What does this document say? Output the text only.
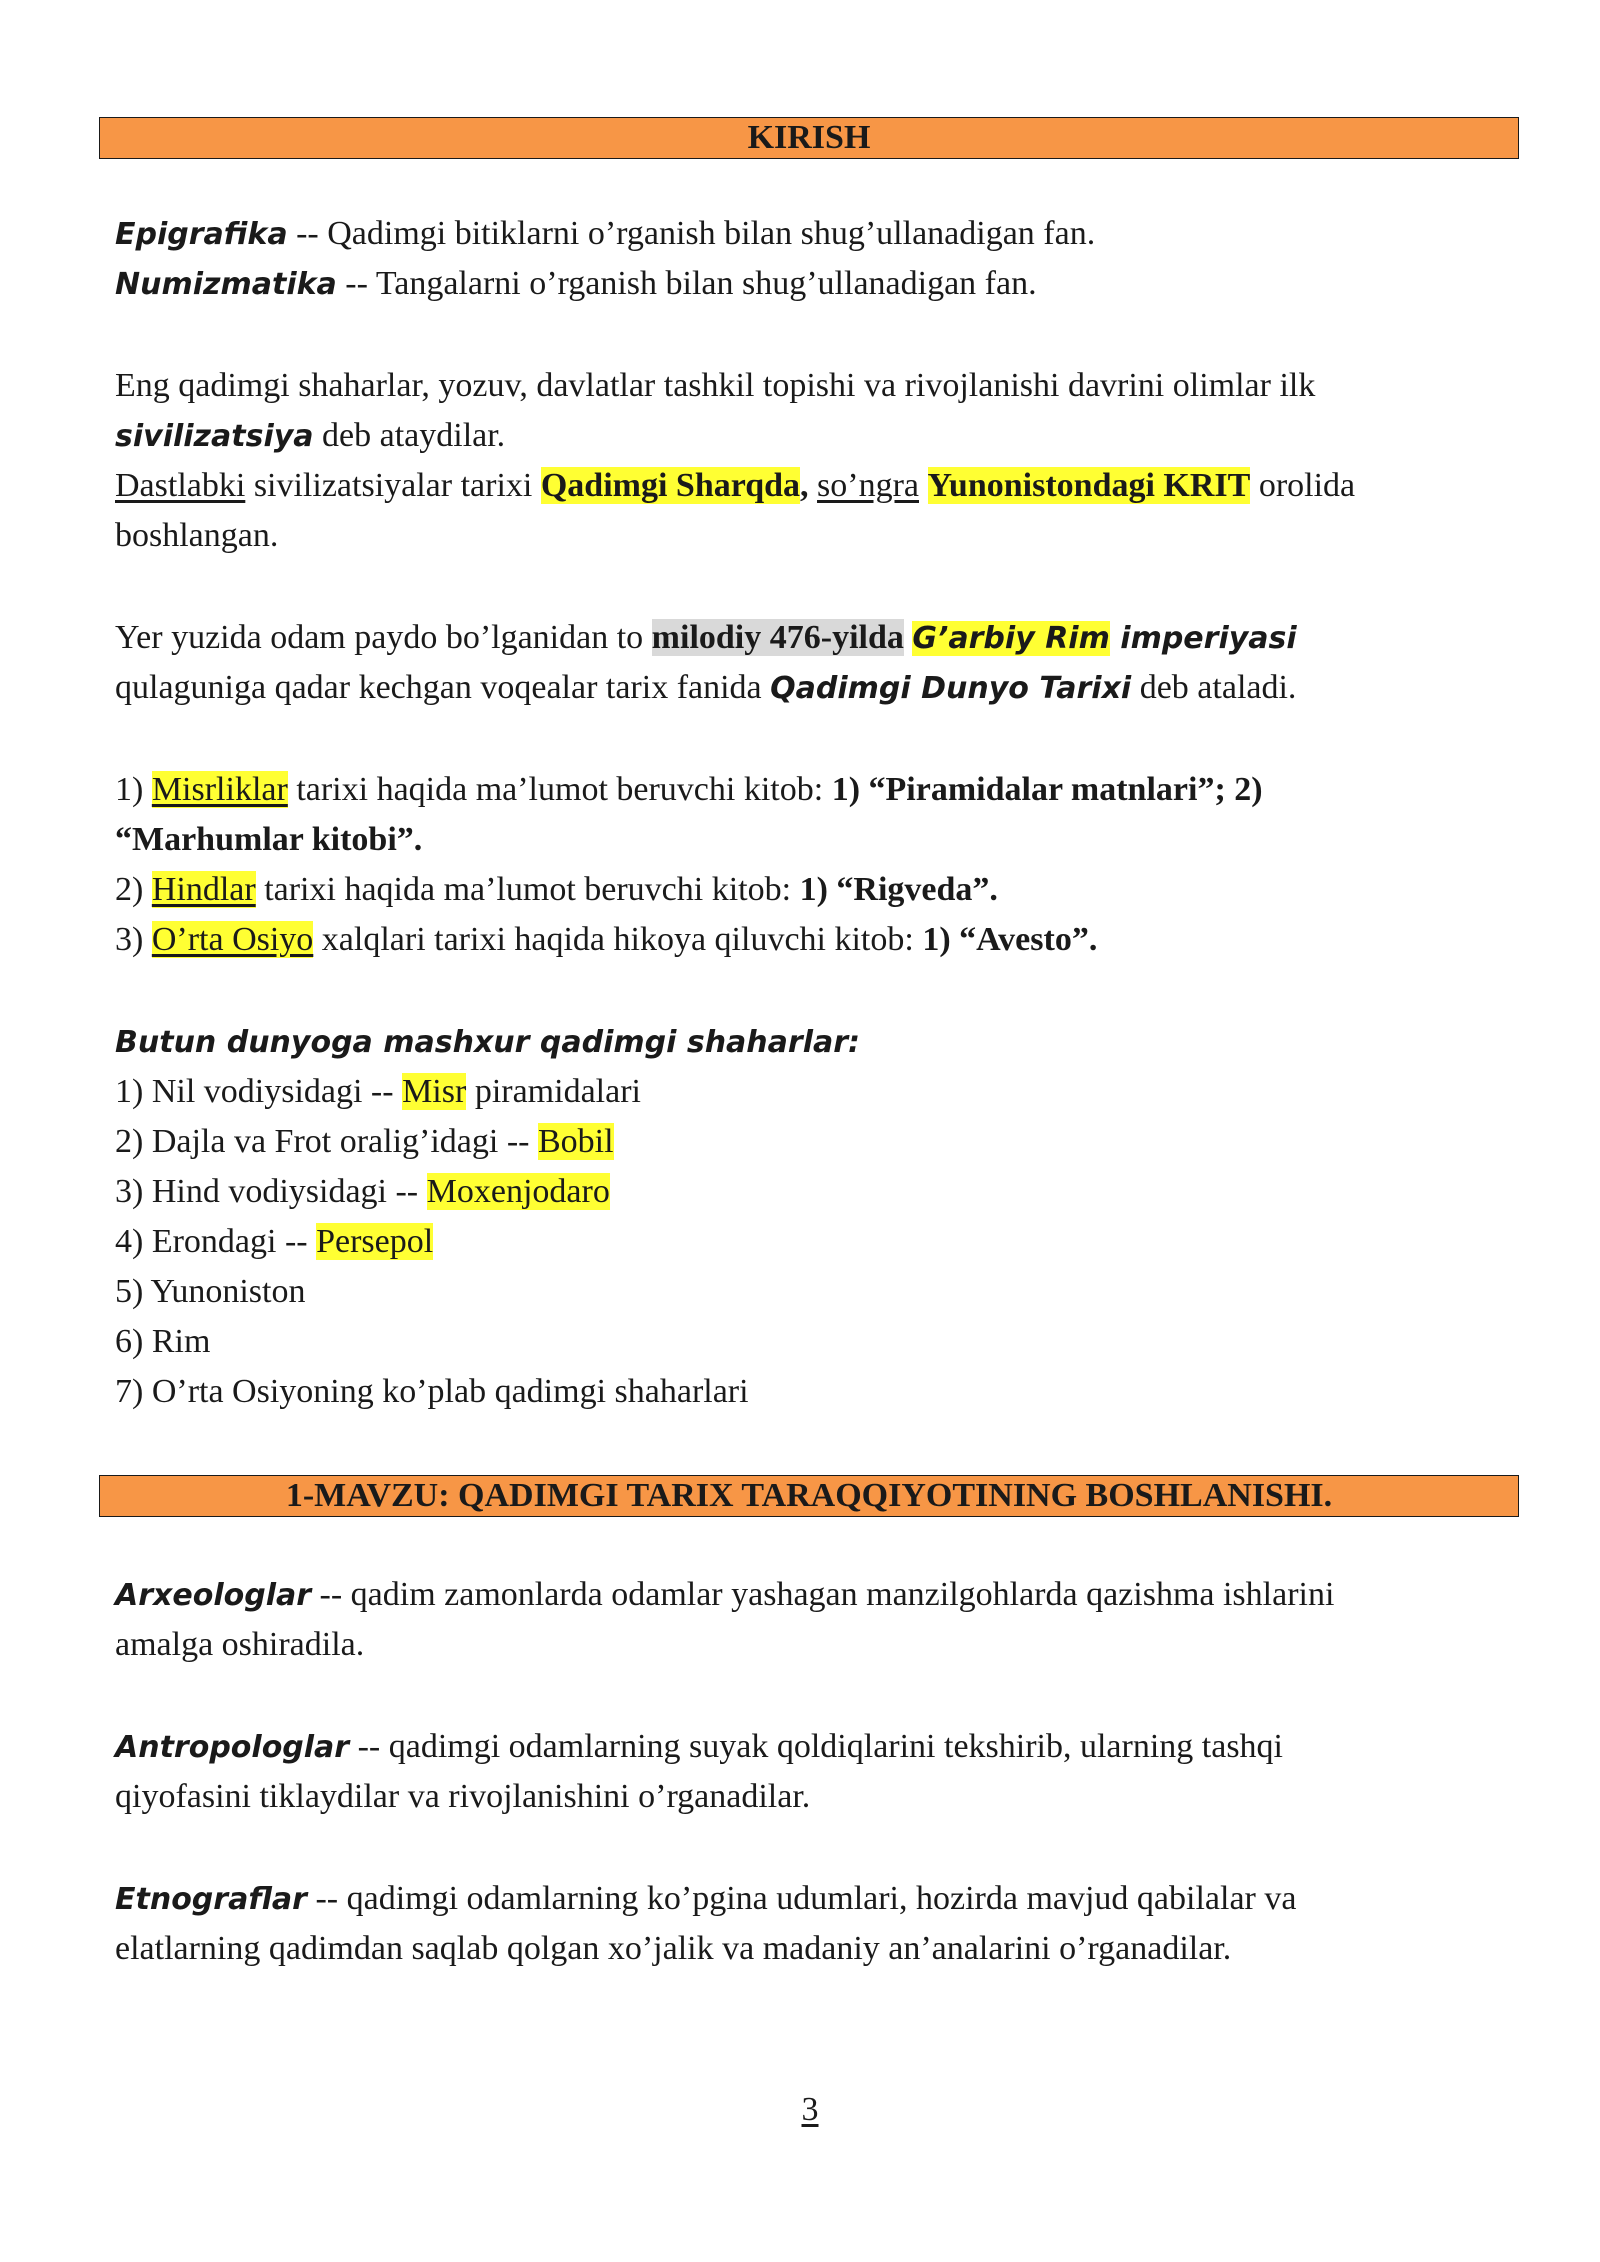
KIRISH
Epigrafika -- Qadimgi bitiklarni o’rganish bilan shug’ullanadigan fan.
Numizmatika -- Tangalarni o’rganish bilan shug’ullanadigan fan.
Eng qadimgi shaharlar, yozuv, davlatlar tashkil topishi va rivojlanishi davrini olimlar ilk
sivilizatsiya deb ataydilar.
Dastlabki sivilizatsiyalar tarixi Qadimgi Sharqda, so’ngra Yunonistondagi KRIT orolida
boshlangan.
Yer yuzida odam paydo bo’lganidan to milodiy 476-yilda G’arbiy Rim imperiyasi
qulaguniga qadar kechgan voqealar tarix fanida Qadimgi Dunyo Tarixi deb ataladi.
1) Misrliklar tarixi haqida ma’lumot beruvchi kitob: 1) “Piramidalar matnlari”; 2)
“Marhumlar kitobi”.
2) Hindlar tarixi haqida ma’lumot beruvchi kitob: 1) “Rigveda”.
3) O’rta Osiyo xalqlari tarixi haqida hikoya qiluvchi kitob: 1) “Avesto”.
Butun dunyoga mashxur qadimgi shaharlar:
1) Nil vodiysidagi -- Misr piramidalari
2) Dajla va Frot oralig’idagi -- Bobil
3) Hind vodiysidagi -- Moxenjodaro
4) Erondagi -- Persepol
5) Yunoniston
6) Rim
7) O’rta Osiyoning ko’plab qadimgi shaharlari
1-MAVZU: QADIMGI TARIX TARAQQIYOTINING BOSHLANISHI.
Arxeologlar -- qadim zamonlarda odamlar yashagan manzilgohlarda qazishma ishlarini
amalga oshiradila.
Antropologlar -- qadimgi odamlarning suyak qoldiqlarini tekshirib, ularning tashqi
qiyofasini tiklaydilar va rivojlanishini o’rganadilar.
Etnograflar -- qadimgi odamlarning ko’pgina udumlari, hozirda mavjud qabilalar va
elatlarning qadimdan saqlab qolgan xo’jalik va madaniy an’analarini o’rganadilar.
3
